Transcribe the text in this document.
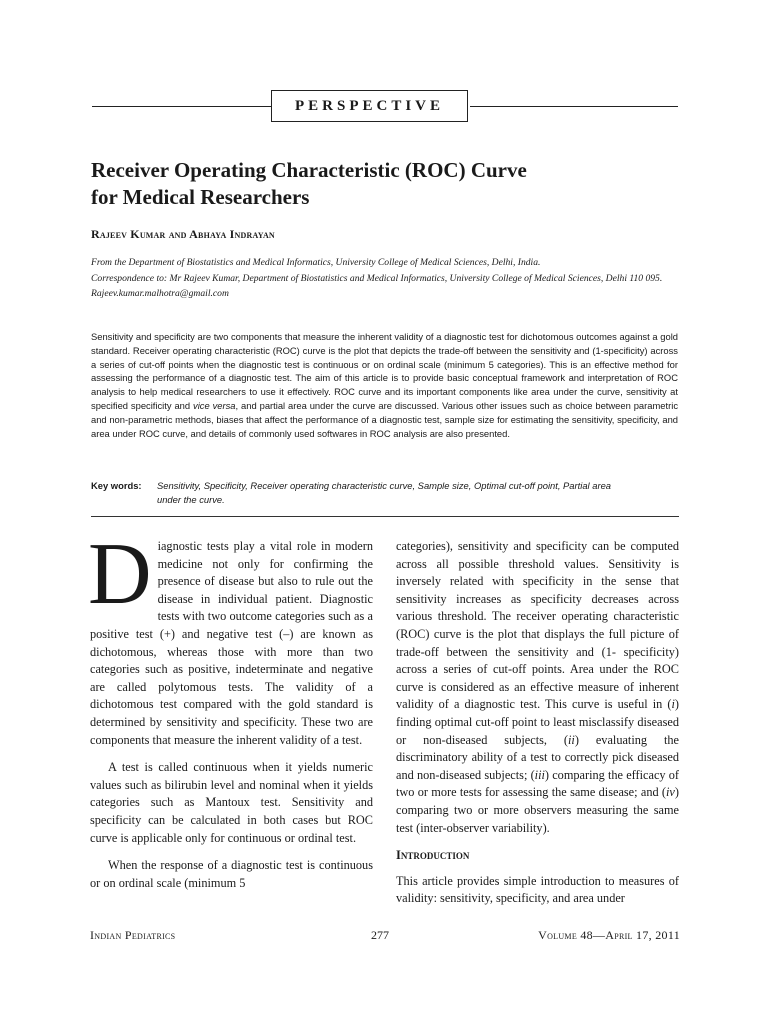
PERSPECTIVE
Receiver Operating Characteristic (ROC) Curve
for Medical Researchers
Rajeev Kumar and Abhaya Indrayan

From the Department of Biostatistics and Medical Informatics, University College of Medical Sciences, Delhi, India.

Correspondence to: Mr Rajeev Kumar, Department of Biostatistics and Medical Informatics, University College of Medical Sciences, Delhi 110 095. Rajeev.kumar.malhotra@gmail.com

Sensitivity and specificity are two components that measure the inherent validity of a diagnostic test for dichotomous outcomes against a gold standard. Receiver operating characteristic (ROC) curve is the plot that depicts the trade-off between the sensitivity and (1-specificity) across a series of cut-off points when the diagnostic test is continuous or on ordinal scale (minimum 5 categories). This is an effective method for assessing the performance of a diagnostic test. The aim of this article is to provide basic conceptual framework and interpretation of ROC analysis to help medical researchers to use it effectively. ROC curve and its important components like area under the curve, sensitivity at specified specificity and vice versa, and partial area under the curve are discussed. Various other issues such as choice between parametric and non-parametric methods, biases that affect the performance of a diagnostic test, sample size for estimating the sensitivity, specificity, and area under ROC curve, and details of commonly used softwares in ROC analysis are also presented.

Key words:	Sensitivity, Specificity, Receiver operating characteristic curve, Sample size, Optimal cut-off point, Partial area under the curve.

Diagnostic tests play a vital role in modern medicine not only for confirming the presence of disease but also to rule out the disease in individual patient. Diagnostic tests with two outcome categories such as a positive test (+) and negative test (–) are known as dichotomous, whereas those with more than two categories such as positive, indeterminate and negative are called polytomous tests. The validity of a dichotomous test compared with the gold standard is determined by sensitivity and specificity. These two are components that measure the inherent validity of a test.

A test is called continuous when it yields numeric values such as bilirubin level and nominal when it yields categories such as Mantoux test. Sensitivity and specificity can be calculated in both cases but ROC curve is applicable only for continuous or ordinal test.

When the response of a diagnostic test is continuous or on ordinal scale (minimum 5

categories), sensitivity and specificity can be computed across all possible threshold values. Sensitivity is inversely related with specificity in the sense that sensitivity increases as specificity decreases across various threshold. The receiver operating characteristic (ROC) curve is the plot that displays the full picture of trade-off between the sensitivity and (1- specificity) across a series of cut-off points. Area under the ROC curve is considered as an effective measure of inherent validity of a diagnostic test. This curve is useful in (i) finding optimal cut-off point to least misclassify diseased or non-diseased subjects, (ii) evaluating the discriminatory ability of a test to correctly pick diseased and non-diseased subjects; (iii) comparing the efficacy of two or more tests for assessing the same disease; and (iv) comparing two or more observers measuring the same test (inter-observer variability).

Introduction

This article provides simple introduction to measures of validity: sensitivity, specificity, and area under

Indian Pediatrics	277	Volume 48—April 17, 2011
